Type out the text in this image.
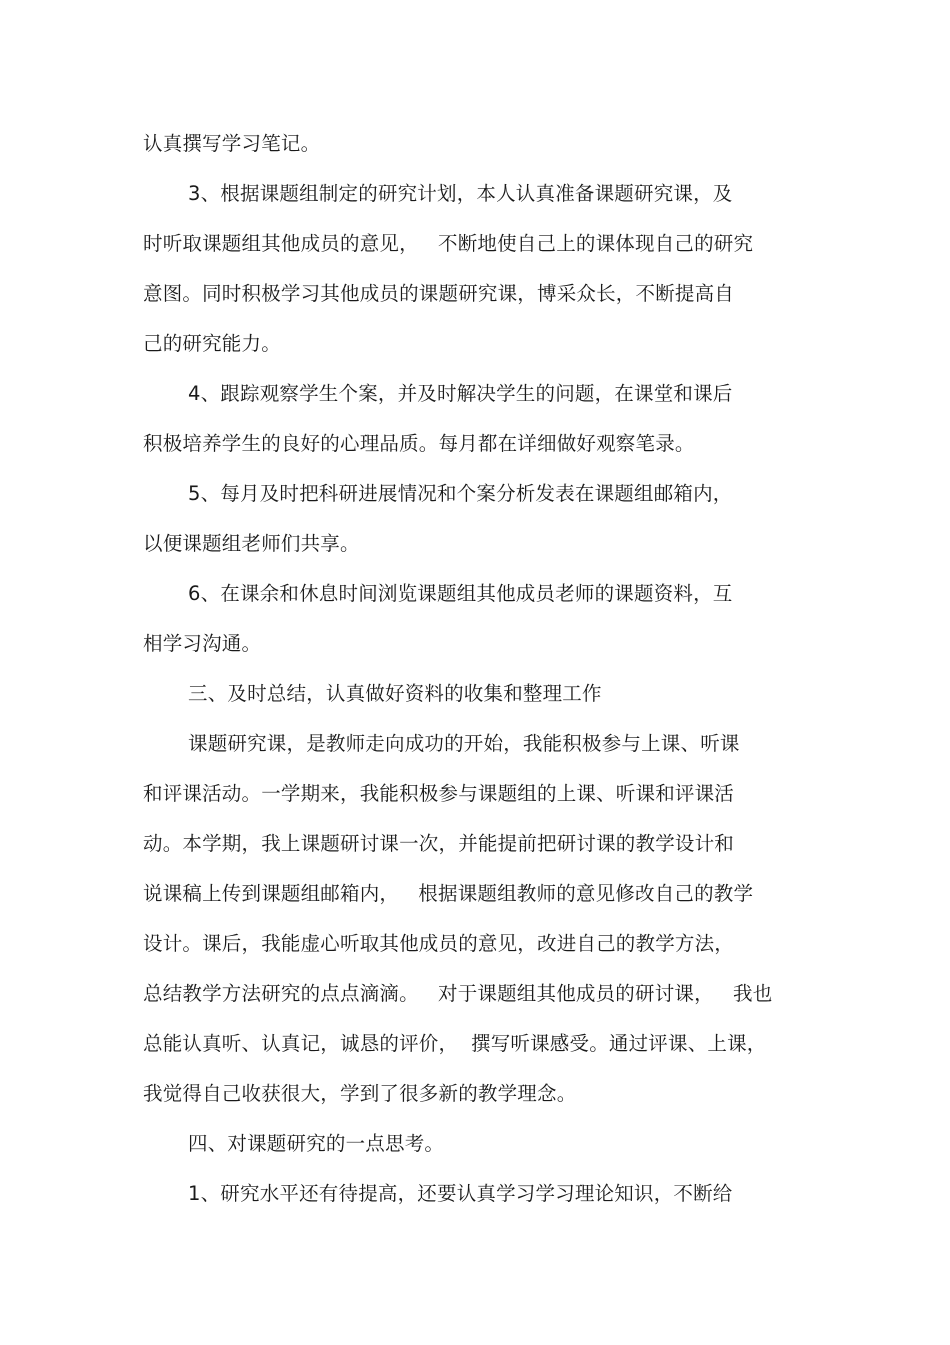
认真撰写学习笔记。
3、根据课题组制定的研究计划，本人认真准备课题研究课，及
时听取课题组其他成员的意见，   不断地使自己上的课体现自己的研究
意图。同时积极学习其他成员的课题研究课，博采众长，不断提高自
己的研究能力。
4、跟踪观察学生个案，并及时解决学生的问题，在课堂和课后
积极培养学生的良好的心理品质。每月都在详细做好观察笔录。
5、每月及时把科研进展情况和个案分析发表在课题组邮箱内，
以便课题组老师们共享。
6、在课余和休息时间浏览课题组其他成员老师的课题资料，互
相学习沟通。
三、及时总结，认真做好资料的收集和整理工作
课题研究课，是教师走向成功的开始，我能积极参与上课、听课
和评课活动。一学期来，我能积极参与课题组的上课、听课和评课活
动。本学期，我上课题研讨课一次，并能提前把研讨课的教学设计和
说课稿上传到课题组邮箱内，   根据课题组教师的意见修改自己的教学
设计。课后，我能虚心听取其他成员的意见，改进自己的教学方法，
总结教学方法研究的点点滴滴。   对于课题组其他成员的研讨课，   我也
总能认真听、认真记，诚恳的评价，  撰写听课感受。通过评课、上课，
我觉得自己收获很大，学到了很多新的教学理念。
四、对课题研究的一点思考。
1、研究水平还有待提高，还要认真学习学习理论知识，不断给
